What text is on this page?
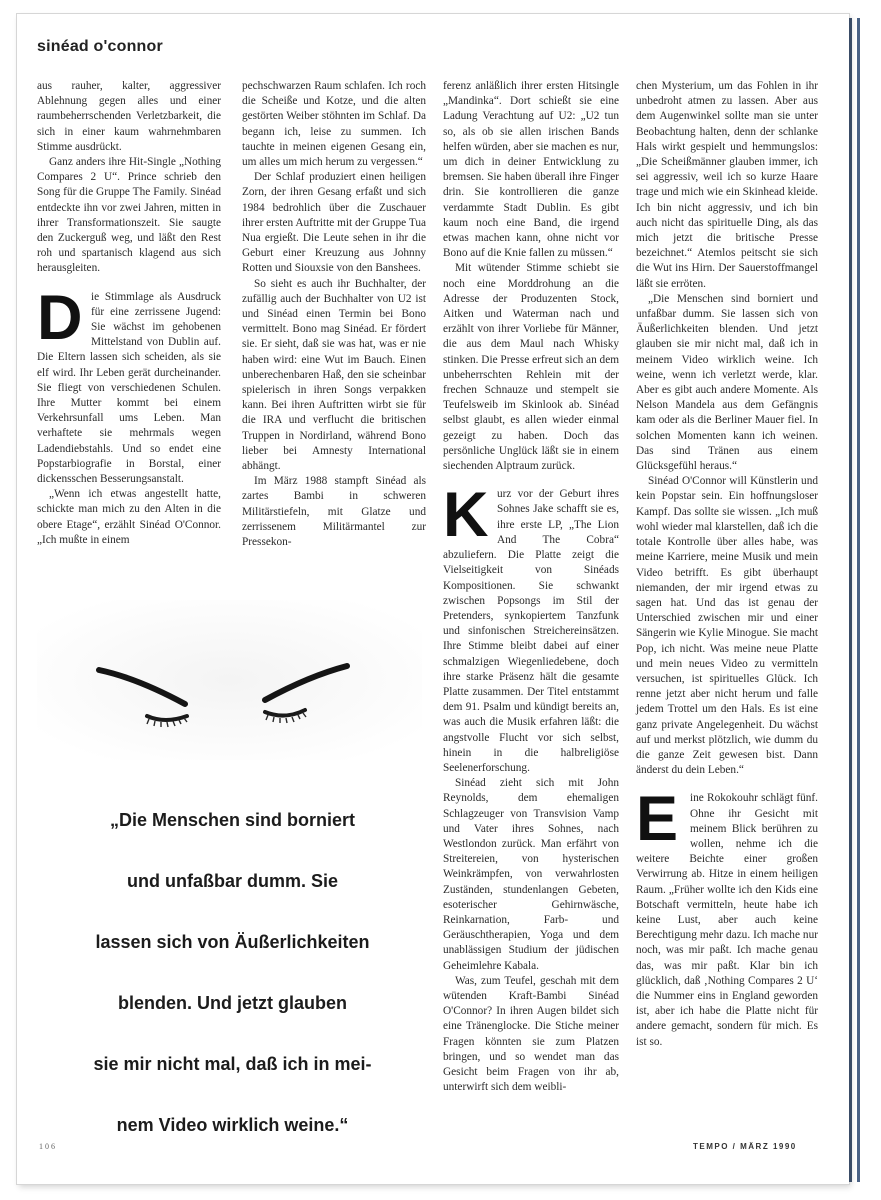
sinéad o'connor

aus rauher, kalter, aggressiver Ablehnung gegen alles und einer raumbeherrschenden Verletzbarkeit, die sich in einer kaum wahrnehmbaren Stimme ausdrückt.

Ganz anders ihre Hit-Single „Nothing Compares 2 U“. Prince schrieb den Song für die Gruppe The Family. Sinéad entdeckte ihn vor zwei Jahren, mitten in ihrer Transformationszeit. Sie saugte den Zuckerguß weg, und läßt den Rest roh und spartanisch klagend aus sich herausgleiten.

Die Stimmlage als Ausdruck für eine zerrissene Jugend: Sie wächst im gehobenen Mittelstand von Dublin auf. Die Eltern lassen sich scheiden, als sie elf wird. Ihr Leben gerät durcheinander. Sie fliegt von verschiedenen Schulen. Ihre Mutter kommt bei einem Verkehrsunfall ums Leben. Man verhaftete sie mehrmals wegen Ladendiebstahls. Und so endet eine Popstarbiografie in Borstal, einer dickensschen Besserungsanstalt.

„Wenn ich etwas angestellt hatte, schickte man mich zu den Alten in die obere Etage“, erzählt Sinéad O'Connor. „Ich mußte in einem

pechschwarzen Raum schlafen. Ich roch die Scheiße und Kotze, und die alten gestörten Weiber stöhnten im Schlaf. Da begann ich, leise zu summen. Ich tauchte in meinen eigenen Gesang ein, um alles um mich herum zu vergessen.“

Der Schlaf produziert einen heiligen Zorn, der ihren Gesang erfaßt und sich 1984 bedrohlich über die Zuschauer ihrer ersten Auftritte mit der Gruppe Tua Nua ergießt. Die Leute sehen in ihr die Geburt einer Kreuzung aus Johnny Rotten und Siouxsie von den Banshees.

So sieht es auch ihr Buchhalter, der zufällig auch der Buchhalter von U2 ist und Sinéad einen Termin bei Bono vermittelt. Bono mag Sinéad. Er fördert sie. Er sieht, daß sie was hat, was er nie haben wird: eine Wut im Bauch. Einen unberechenbaren Haß, den sie scheinbar spielerisch in ihren Songs verpakken kann. Bei ihren Auftritten wirbt sie für die IRA und verflucht die britischen Truppen in Nordirland, während Bono lieber bei Amnesty International abhängt.

Im März 1988 stampft Sinéad als zartes Bambi in schweren Militärstiefeln, mit Glatze und zerrissenem Militärmantel zur Pressekon-

ferenz anläßlich ihrer ersten Hitsingle „Mandinka“. Dort schießt sie eine Ladung Verachtung auf U2: „U2 tun so, als ob sie allen irischen Bands helfen würden, aber sie machen es nur, um dich in deiner Entwicklung zu bremsen. Sie haben überall ihre Finger drin. Sie kontrollieren die ganze verdammte Stadt Dublin. Es gibt kaum noch eine Band, die irgend etwas machen kann, ohne nicht vor Bono auf die Knie fallen zu müssen.“

Mit wütender Stimme schiebt sie noch eine Morddrohung an die Adresse der Produzenten Stock, Aitken und Waterman nach und erzählt von ihrer Vorliebe für Männer, die aus dem Maul nach Whisky stinken. Die Presse erfreut sich an dem unbeherrschten Rehlein mit der frechen Schnauze und stempelt sie Teufelsweib im Skinlook ab. Sinéad selbst glaubt, es allen wieder einmal gezeigt zu haben. Doch das persönliche Unglück läßt sie in einem siechenden Alptraum zurück.

Kurz vor der Geburt ihres Sohnes Jake schafft sie es, ihre erste LP, „The Lion And The Cobra“ abzuliefern. Die Platte zeigt die Vielseitigkeit von Sinéads Kompositionen. Sie schwankt zwischen Popsongs im Stil der Pretenders, synkopiertem Tanzfunk und sinfonischen Streichereinsätzen. Ihre Stimme bleibt dabei auf einer schmalzigen Wiegenliedebene, doch ihre starke Präsenz hält die gesamte Platte zusammen. Der Titel entstammt dem 91. Psalm und kündigt bereits an, was auch die Musik erfahren läßt: die angstvolle Flucht vor sich selbst, hinein in die halbreligiöse Seelenerforschung.

Sinéad zieht sich mit John Reynolds, dem ehemaligen Schlagzeuger von Transvision Vamp und Vater ihres Sohnes, nach Westlondon zurück. Man erfährt von Streitereien, von hysterischen Weinkrämpfen, von verwahrlosten Zuständen, stundenlangen Gebeten, esoterischer Gehirnwäsche, Reinkarnation, Farb- und Geräuschtherapien, Yoga und dem unablässigen Studium der jüdischen Geheimlehre Kabala.

Was, zum Teufel, geschah mit dem wütenden Kraft-Bambi Sinéad O'Connor? In ihren Augen bildet sich eine Tränenglocke. Die Stiche meiner Fragen könnten sie zum Platzen bringen, und so wendet man das Gesicht beim Fragen von ihr ab, unterwirft sich dem weibli-

chen Mysterium, um das Fohlen in ihr unbedroht atmen zu lassen. Aber aus dem Augenwinkel sollte man sie unter Beobachtung halten, denn der schlanke Hals wirkt gespielt und hemmungslos: „Die Scheißmänner glauben immer, ich sei aggressiv, weil ich so kurze Haare trage und mich wie ein Skinhead kleide. Ich bin nicht aggressiv, und ich bin auch nicht das spirituelle Ding, als das mich jetzt die britische Presse bezeichnet.“ Atemlos peitscht sie sich die Wut ins Hirn. Der Sauerstoffmangel läßt sie erröten.

„Die Menschen sind borniert und unfaßbar dumm. Sie lassen sich von Äußerlichkeiten blenden. Und jetzt glauben sie mir nicht mal, daß ich in meinem Video wirklich weine. Ich weine, wenn ich verletzt werde, klar. Aber es gibt auch andere Momente. Als Nelson Mandela aus dem Gefängnis kam oder als die Berliner Mauer fiel. In solchen Momenten kann ich weinen. Das sind Tränen aus einem Glücksgefühl heraus.“

Sinéad O'Connor will Künstlerin und kein Popstar sein. Ein hoffnungsloser Kampf. Das sollte sie wissen. „Ich muß wohl wieder mal klarstellen, daß ich die totale Kontrolle über alles habe, was meine Karriere, meine Musik und mein Video betrifft. Es gibt überhaupt niemanden, der mir irgend etwas zu sagen hat. Und das ist genau der Unterschied zwischen mir und einer Sängerin wie Kylie Minogue. Sie macht Pop, ich nicht. Was meine neue Platte und mein neues Video zu vermitteln versuchen, ist spirituelles Glück. Ich renne jetzt aber nicht herum und falle jedem Trottel um den Hals. Es ist eine ganz private Angelegenheit. Du wächst auf und merkst plötzlich, wie dumm du die ganze Zeit gewesen bist. Dann änderst du dein Leben.“

E	ine Rokokouhr schlägt fünf. Ohne ihr Gesicht mit meinem Blick berühren zu wollen, nehme ich die weitere Beichte einer großen Verwirrung ab. Hitze in einem heiligen Raum. „Früher wollte ich den Kids eine Botschaft vermitteln, heute habe ich keine Lust, aber auch keine Berechtigung mehr dazu. Ich mache nur noch, was mir paßt. Ich mache genau das, was mir paßt. Klar bin ich glücklich, daß ‚Nothing Compares 2 U‘ die Nummer eins in England geworden ist, aber ich habe die Platte nicht für andere gemacht, sondern für mich. Es ist so.

„Die Menschen sind borniert
und unfaßbar dumm. Sie
lassen sich von Äußerlichkeiten
blenden. Und jetzt glauben
sie mir nicht mal, daß ich in mei-
nem Video wirklich weine.“
106	TEMPO / MÄRZ 1990
